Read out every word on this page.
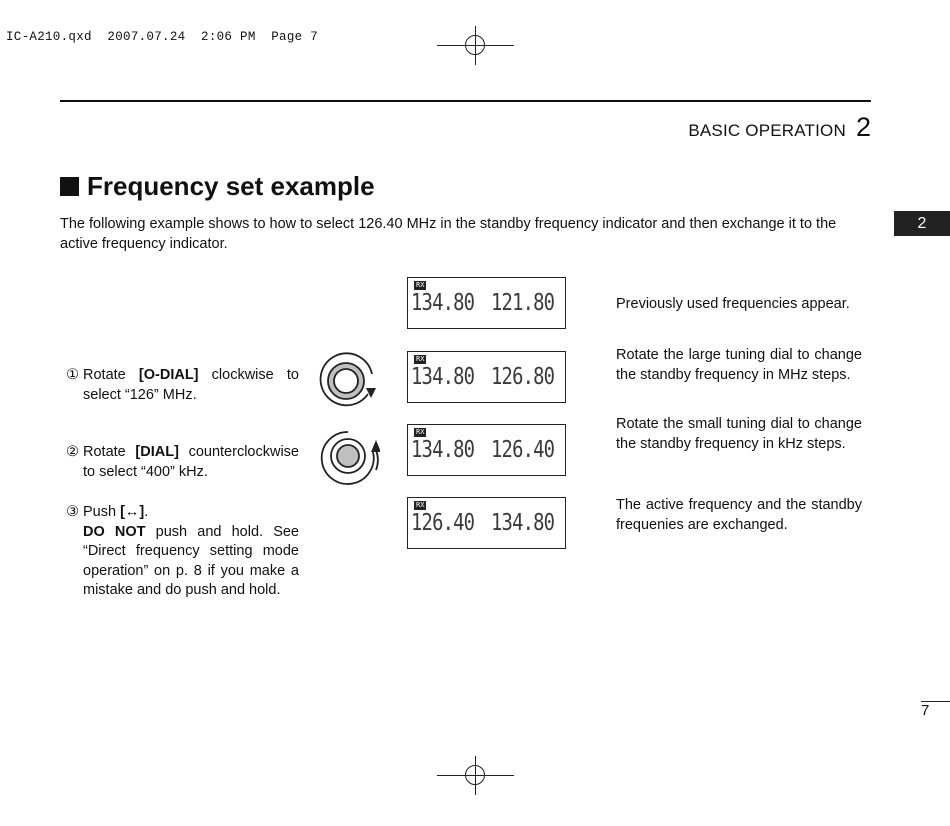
IC-A210.qxd  2007.07.24  2:06 PM  Page 7
BASIC OPERATION 2
2
Frequency set example
The following example shows to how to select 126.40 MHz in the standby frequency indicator and then exchange it to the active frequency indicator.
① Rotate [O-DIAL] clockwise to select “126” MHz.
② Rotate [DIAL] counterclockwise to select “400” kHz.
③ Push [↔].
DO NOT push and hold. See “Direct frequency setting mode operation” on p. 8 if you make a mistake and do push and hold.
RX
134.80 121.80
RX
134.80 126.80
RX
134.80 126.40
RX
126.40 134.80
Previously used frequencies appear.
Rotate the large tuning dial to change the standby frequency in MHz steps.
Rotate the small tuning dial to change the standby frequency in kHz steps.
The active frequency and the standby frequenies are exchanged.
7
